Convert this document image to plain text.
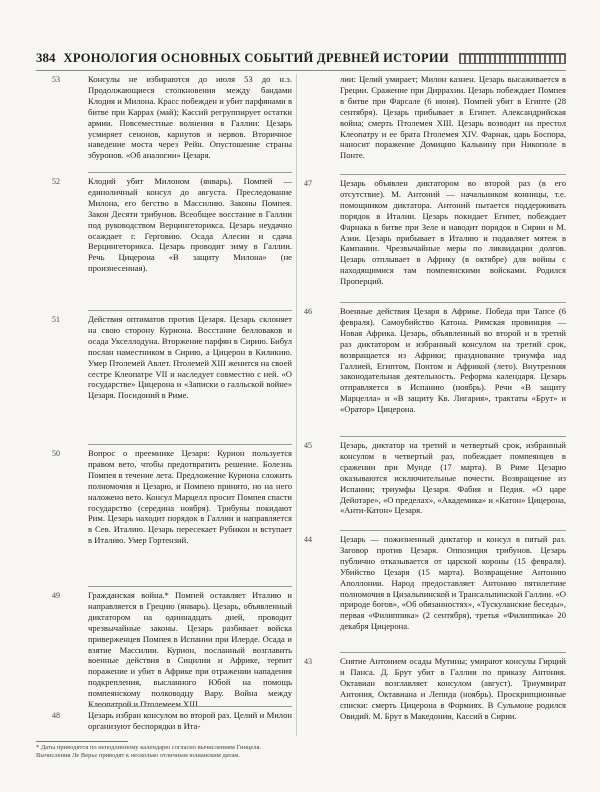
384 ХРОНОЛОГИЯ ОСНОВНЫХ СОБЫТИЙ ДРЕВНЕЙ ИСТОРИИ
53	Консулы не избираются до июля 53 до н.э. Продолжающиеся столкновения между бандами Клодия и Милона. Красс побежден и убит парфянами в битве при Каррах (май); Кассий регруппирует остатки армии. Повсеместные волнения в Галлии: Цезарь усмиряет сенонов, карнутов и нервов. Вторичное наведение моста через Рейн. Опустошение страны эбуронов. «Об аналогии» Цезаря.
52	Клодий убит Милоном (январь). Помпей — единоличный консул до августа. Преследование Милона, его бегство в Массилию. Законы Помпея. Закон Десяти трибунов. Всеобщее восстание в Галлии под руководством Верцингеторикса. Цезарь неудачно осаждает г. Герговию. Осада Алесии и сдача Верцингеторикса. Цезарь проводит зиму в Галлии. Речь Цицерона «В защиту Милона» (не произнесенная).
51	Действия оптиматов против Цезаря. Цезарь склоняет на свою сторону Куриона. Восстание белловаков и осада Укселлодуна. Вторжение парфян в Сирию. Бибул послан наместником в Сирию, а Цицерон в Киликию. Умер Птолемей Авлет. Птолемей XIII женится на своей сестре Клеопатре VII и наследует совместно с ней. «О государстве» Цицерона и «Записки о галльской войне» Цезаря. Посидоний в Риме.
50	Вопрос о преемнике Цезаря: Курион пользуется правом вето, чтобы предотвратить решение. Болезнь Помпея в течение лета. Предложение Куриона сложить полномочия и Цезарю, и Помпею принято, но на него наложено вето. Консул Марцелл просит Помпея спасти государство (середина ноября). Трибуны покидают Рим. Цезарь находит порядок в Галлии и направляется в Сев. Италию. Цезарь пересекает Рубикон и вступает в Италию. Умер Гортензий.
49	Гражданская война.* Помпей оставляет Италию и направляется в Грецию (январь). Цезарь, объявленный диктатором на одиннадцать дней, проводит чрезвычайные законы. Цезарь разбивает войска приверженцев Помпея в Испании при Илерде. Осада и взятие Массилии. Курион, посланный возглавить военные действия в Сицилии и Африке, терпит поражение и убит в Африке при отражении нападения подкрепления, высланного Юбой на помощь помпеянскому полководцу Вару. Война между Клеопатрой и Птолемеем XIII.
48	Цезарь избран консулом во второй раз. Целий и Милон организуют беспорядки в Ита-
лии: Целий умирает; Милон казнен. Цезарь высаживается в Греции. Сражение при Диррахии. Цезарь побеждает Помпея в битве при Фарсале (6 июня). Помпей убит в Египте (28 сентября). Цезарь прибывает в Египет. Александрийская война; смерть Птолемея XIII. Цезарь возводит на престол Клеопатру и ее брата Птолемея XIV. Фарнак, царь Боспора, наносит поражение Домицию Кальвину при Никополе в Понте.
47	Цезарь объявлен диктатором во второй раз (в его отсутствие). М. Антоний — начальником конницы, т.е. помощником диктатора. Антоний пытается поддерживать порядок в Италии. Цезарь покидает Египет, побеждает Фарнака в битве при Зеле и наводит порядок в Сирии и М. Азии. Цезарь прибывает в Италию и подавляет мятеж в Кампании. Чрезвычайные меры по ликвидации долгов. Цезарь отплывает в Африку (в октябре) для войны с находящимися там помпеянскими войсками. Родился Проперций.
46	Военные действия Цезаря в Африке. Победа при Тапсе (6 февраля). Самоубийство Катона. Римская провинция — Новая Африка. Цезарь, объявленный во второй и в третий раз диктатором и избранный консулом на третий срок, возвращается из Африки; празднование триумфа над Галлией, Египтом, Понтом и Африкой (лето). Внутренняя законодательная деятельность. Реформа календаря. Цезарь отправляется в Испанию (ноябрь). Речи «В защиту Марцелла» и «В защиту Кв. Лигария», трактаты «Брут» и «Оратор» Цицерона.
45	Цезарь, диктатор на третий и четвертый срок, избранный консулом в четвертый раз, побеждает помпеянцев в сражении при Мунде (17 марта). В Риме Цезарю оказываются исключительные почести. Возвращение из Испании; триумфы Цезаря. Фабия и Педия. «О царе Дейотаре», «О пределах», «Академика» и «Катон» Цицерона, «Анти-Катон» Цезаря.
44	Цезарь — пожизненный диктатор и консул в пятый раз. Заговор против Цезаря. Оппозиция трибунов. Цезарь публично отказывается от царской короны (15 февраля). Убийство Цезаря (15 марта). Возвращение Антонию Аполлонии. Народ предоставляет Антонию пятилетние полномочия в Цизальпинской и Трансальпинской Галлии. «О природе богов», «Об обязанностях», «Тускуланские беседы», первая «Филиппика» (2 сентября), третья «Филиппика» 20 декабря Цицерона.
43	Снятие Антонием осады Мутины; умирают консулы Гирций и Панса. Д. Брут убит в Галлии по приказу Антония. Октавиан возглавляет консулом (август). Триумвират Антония, Октавиана и Лепида (ноябрь). Проскрипционные списки: смерть Цицерона в Формиях. В Сульмоне родился Овидий. М. Брут в Македонии, Кассий в Сирии.
* Даты приводятся по неподлинному календарю согласно вычислениям Гинцеля. Вычисления Ле Верье приводят к несколько отличным юлианским датам.
